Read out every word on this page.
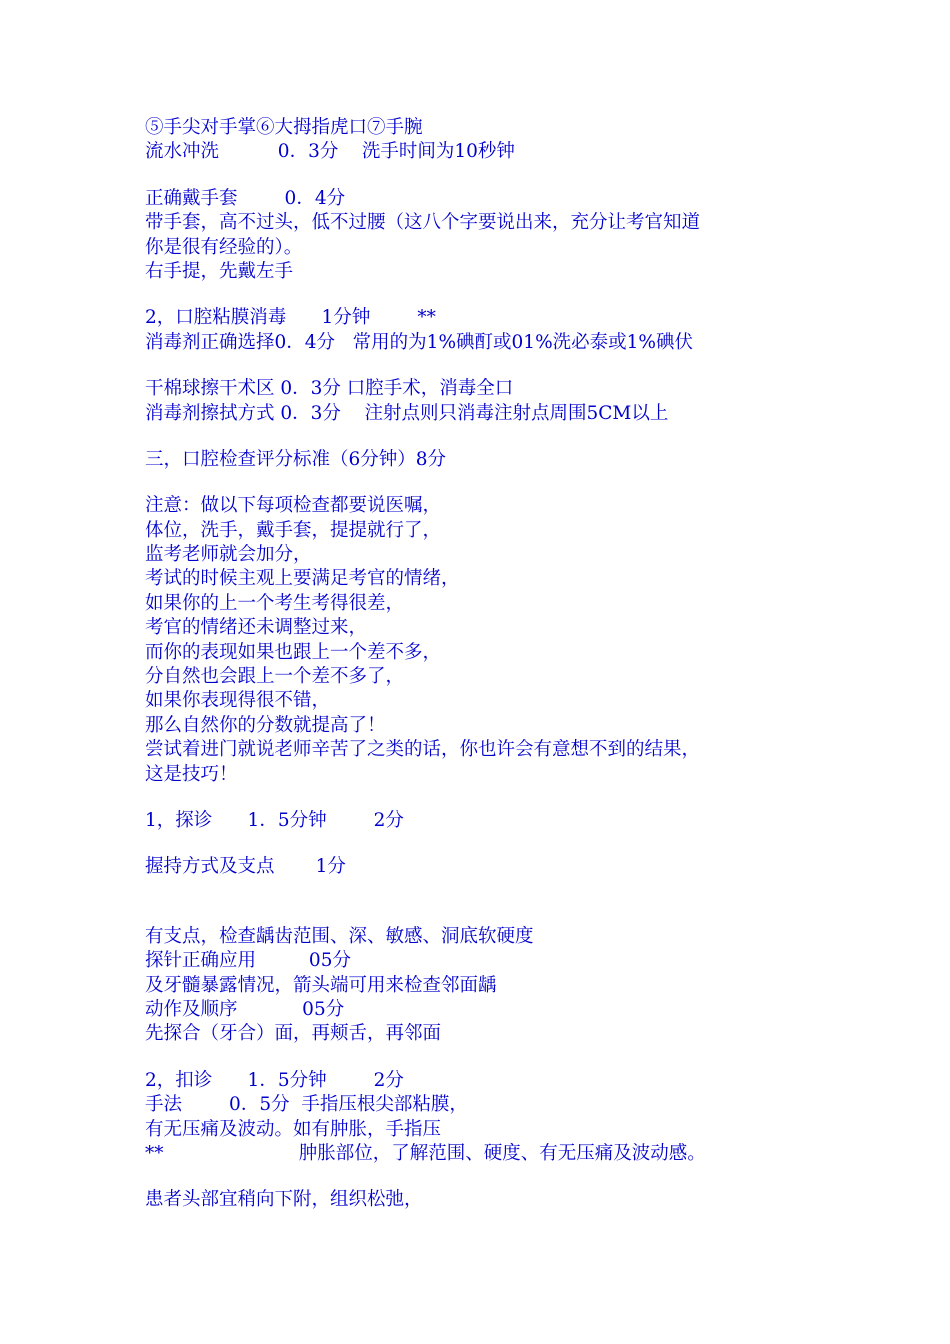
⑤手尖对手掌⑥大拇指虎口⑦手腕
流水冲洗          0．3分    洗手时间为10秒钟
正确戴手套        0．4分
带手套，高不过头，低不过腰（这八个字要说出来，充分让考官知道
你是很有经验的）。
右手提，先戴左手
2，口腔粘膜消毒      1分钟        **
消毒剂正确选择0．4分   常用的为1%碘酊或01%洗必泰或1%碘伏
干棉球擦干术区 0．3分 口腔手术，消毒全口
消毒剂擦拭方式 0．3分    注射点则只消毒注射点周围5CM以上
三，口腔检查评分标准（6分钟）8分
注意：做以下每项检查都要说医嘱，
体位，洗手，戴手套，提提就行了，
监考老师就会加分，
考试的时候主观上要满足考官的情绪，
如果你的上一个考生考得很差，
考官的情绪还未调整过来，
而你的表现如果也跟上一个差不多，
分自然也会跟上一个差不多了，
如果你表现得很不错，
那么自然你的分数就提高了！
尝试着进门就说老师辛苦了之类的话，你也许会有意想不到的结果，
这是技巧！
1，探诊      1．5分钟        2分
握持方式及支点       1分
有支点，检查龋齿范围、深、敏感、洞底软硬度
探针正确应用         05分
及牙髓暴露情况，箭头端可用来检查邻面龋
动作及顺序           05分
先探合（牙合）面，再颊舌，再邻面
2，扣诊      1．5分钟        2分
手法        0．5分  手指压根尖部粘膜，
有无压痛及波动。如有肿胀，手指压
**                       肿胀部位，了解范围、硬度、有无压痛及波动感。
患者头部宜稍向下附，组织松弛，
